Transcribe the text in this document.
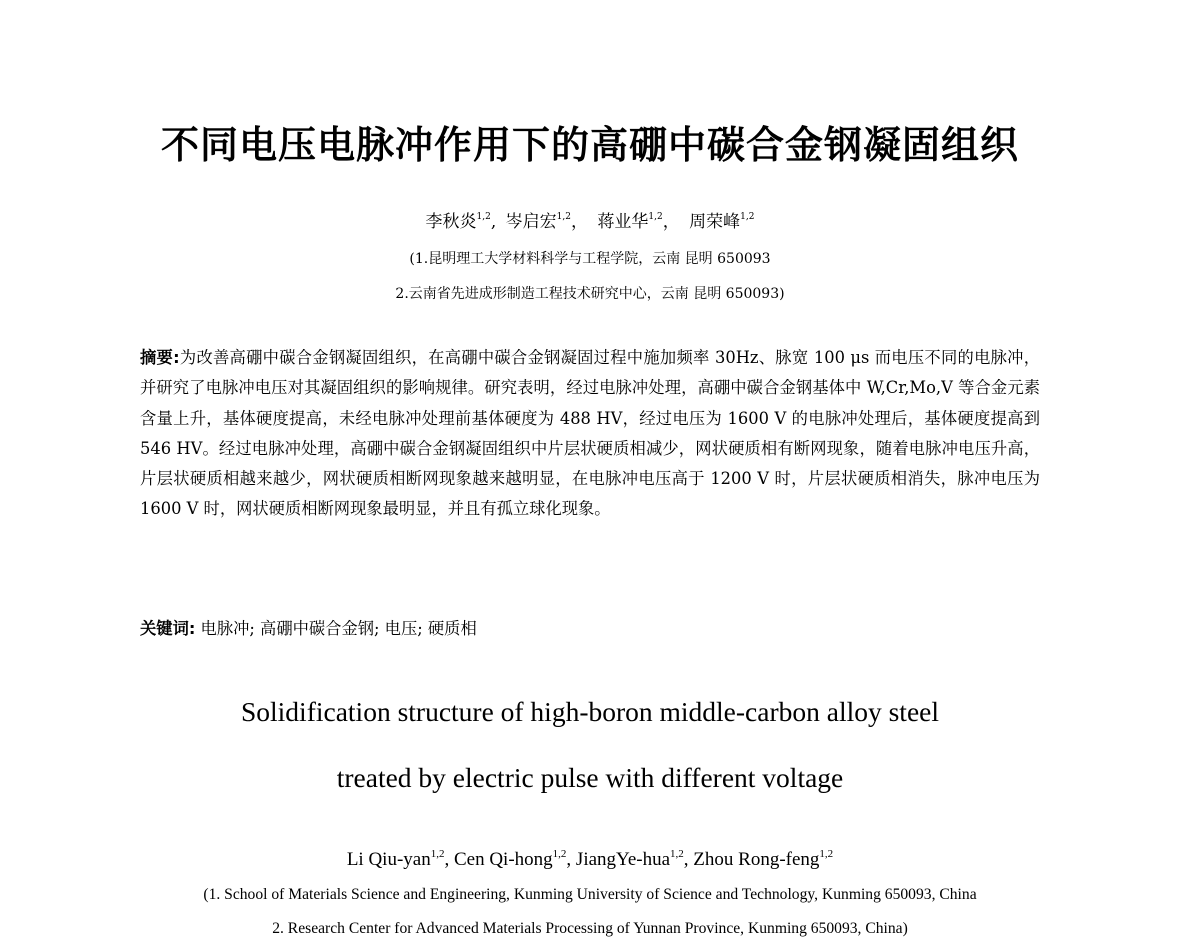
不同电压电脉冲作用下的高硼中碳合金钢凝固组织
李秋炎$^{1,2}$, 岑启宏$^{1,2}$， 蒋业华$^{1,2}$， 周荣峰$^{1,2}$
(1.昆明理工大学材料科学与工程学院，云南 昆明 650093
2.云南省先进成形制造工程技术研究中心，云南 昆明 650093)
摘要:为改善高硼中碳合金钢凝固组织，在高硼中碳合金钢凝固过程中施加频率 30Hz、脉宽 100 μs 而电压不同的电脉冲，并研究了电脉冲电压对其凝固组织的影响规律。研究表明，经过电脉冲处理，高硼中碳合金钢基体中 W,Cr,Mo,V 等合金元素含量上升，基体硬度提高，未经电脉冲处理前基体硬度为 488 HV，经过电压为 1600 V 的电脉冲处理后，基体硬度提高到 546 HV。经过电脉冲处理，高硼中碳合金钢凝固组织中片层状硬质相减少，网状硬质相有断网现象，随着电脉冲电压升高，片层状硬质相越来越少，网状硬质相断网现象越来越明显，在电脉冲电压高于 1200 V 时，片层状硬质相消失，脉冲电压为 1600 V 时，网状硬质相断网现象最明显，并且有孤立球化现象。
关键词: 电脉冲; 高硼中碳合金钢; 电压; 硬质相
Solidification structure of high-boron middle-carbon alloy steel
treated by electric pulse with different voltage
Li Qiu-yan$^{1,2}$, Cen Qi-hong$^{1,2}$, JiangYe-hua$^{1,2}$, Zhou Rong-feng$^{1,2}$
(1. School of Materials Science and Engineering, Kunming University of Science and Technology, Kunming 650093, China
2. Research Center for Advanced Materials Processing of Yunnan Province, Kunming 650093, China)
